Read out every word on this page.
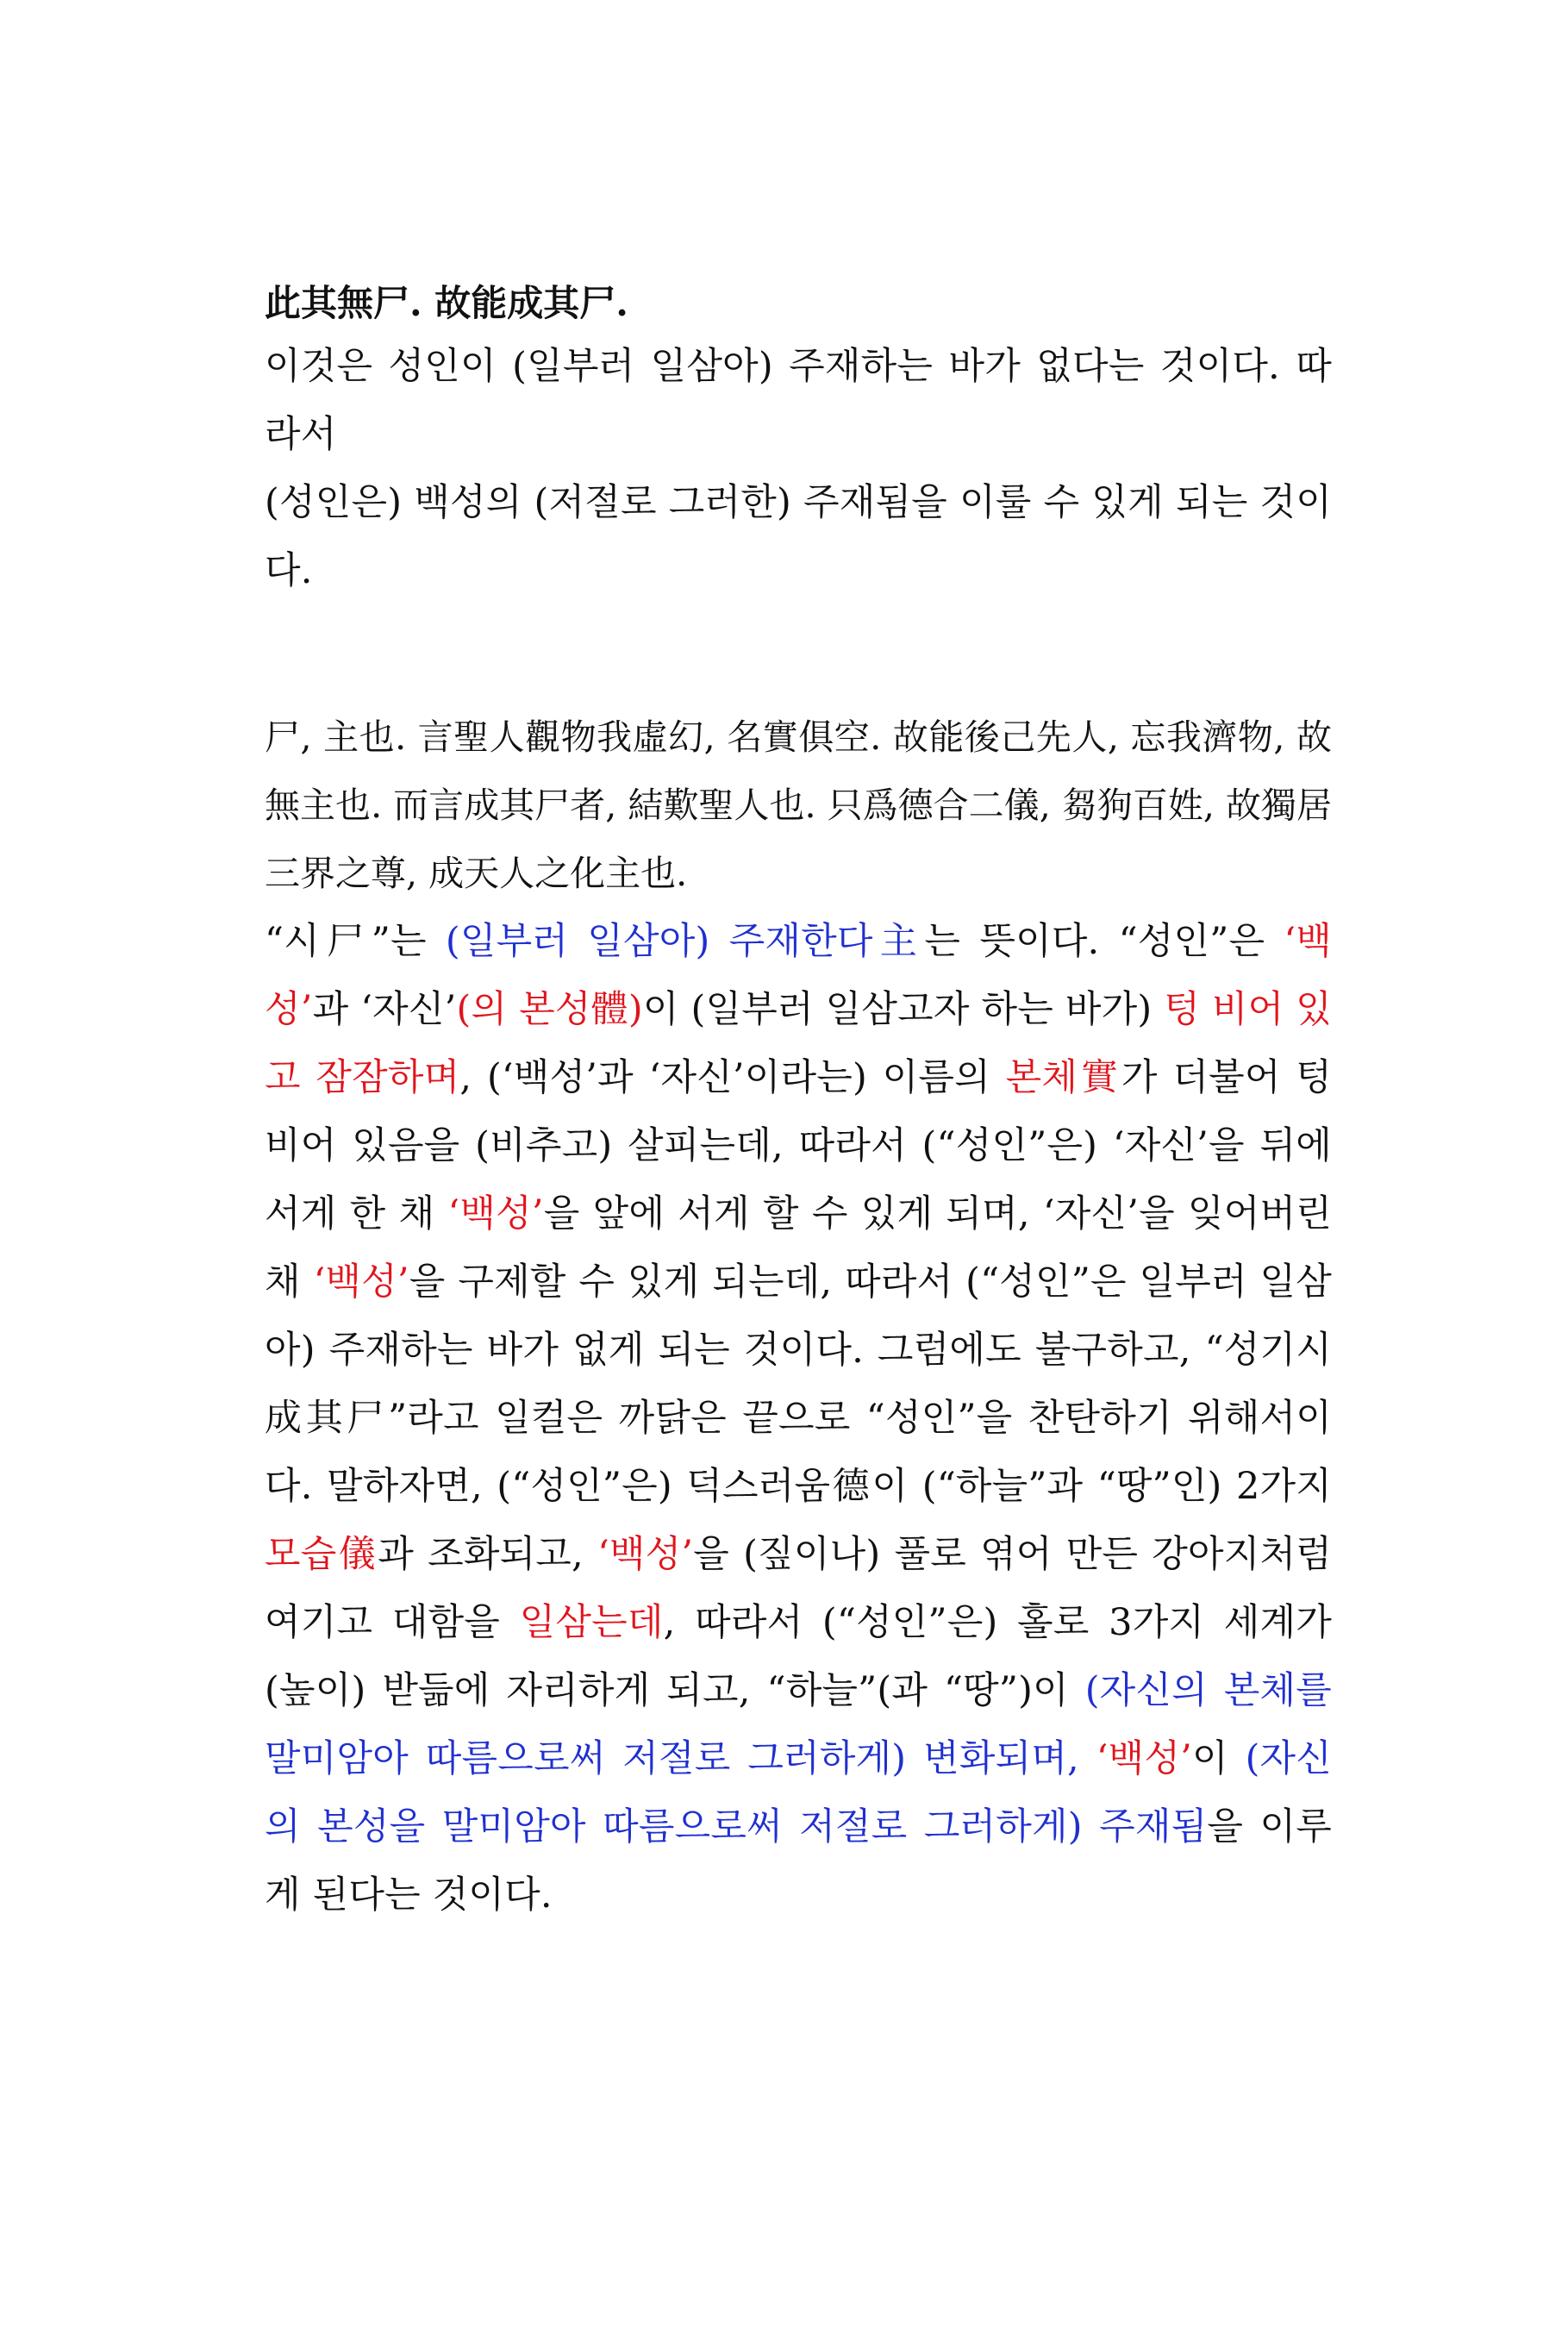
此其無尸. 故能成其尸.

이것은 성인이 (일부러 일삼아) 주재하는 바가 없다는 것이다. 따라서
(성인은) 백성의 (저절로 그러한) 주재됨을 이룰 수 있게 되는 것이다.

尸, 主也. 言聖人觀物我虛幻, 名實俱空. 故能後己先人, 忘我濟物, 故無主也. 而言成其尸者, 結歎聖人也. 只爲德合二儀, 芻狗百姓, 故獨居三界之尊, 成天人之化主也.

“시尸”는 (일부러 일삼아) 주재한다主는 뜻이다. “성인”은 ‘백성’과 ‘자신’(의 본성體)이 (일부러 일삼고자 하는 바가) 텅 비어 있고 잠잠하며, (‘백성’과 ‘자신’이라는) 이름의 본체實가 더불어 텅 비어 있음을 (비추고) 살피는데, 따라서 (“성인”은) ‘자신’을 뒤에 서게 한 채 ‘백성’을 앞에 서게 할 수 있게 되며, ‘자신’을 잊어버린 채 ‘백성’을 구제할 수 있게 되는데, 따라서 (“성인”은 일부러 일삼아) 주재하는 바가 없게 되는 것이다. 그럼에도 불구하고, “성기시成其尸”라고 일컬은 까닭은 끝으로 “성인”을 찬탄하기 위해서이다. 말하자면, (“성인”은) 덕스러움德이 (“하늘”과 “땅”인) 2가지 모습儀과 조화되고, ‘백성’을 (짚이나) 풀로 엮어 만든 강아지처럼 여기고 대함을 일삼는데, 따라서 (“성인”은) 홀로 3가지 세계가 (높이) 받듦에 자리하게 되고, “하늘”(과 “땅”)이 (자신의 본체를 말미암아 따름으로써 저절로 그러하게) 변화되며, ‘백성’이 (자신의 본성을 말미암아 따름으로써 저절로 그러하게) 주재됨을 이루게 된다는 것이다.
